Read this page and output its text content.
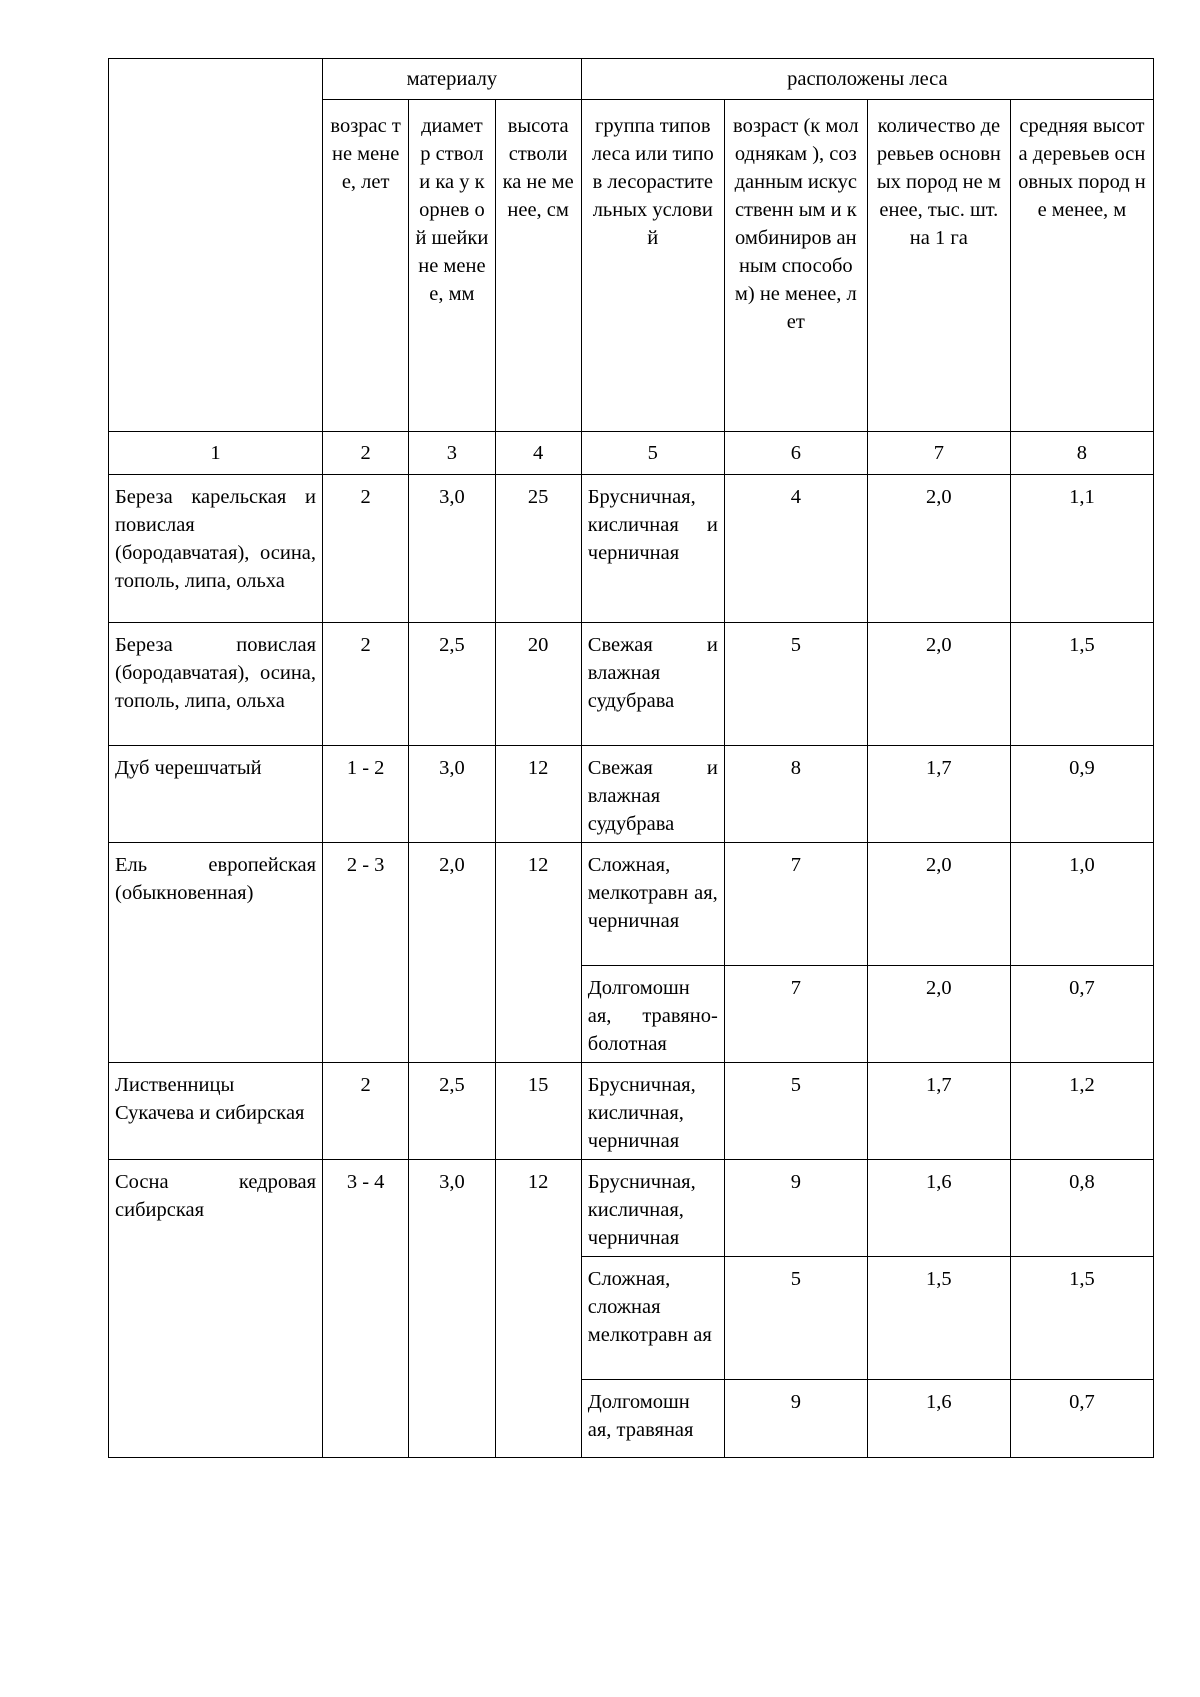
	материалу			расположены леса			
	возрас т не менее, лет	диамет р стволи ка у корнев ой шейки не менее, мм	высота стволи ка не менее, см	группа типов леса или типов лесорастите льных условий	возраст (к молоднякам ), созданным искусственн ым и комбиниров анным способом) не менее, лет	количество деревьев основных пород не менее, тыс. шт. на 1 га	средняя высота деревьев основных пород не менее, м
1	2	3	4	5	6	7	8
Береза карельская и повислая (бородавчатая), осина, тополь, липа, ольха	2	3,0	25	Брусничная, кисличная и черничная	4	2,0	1,1
Береза повислая (бородавчатая), осина, тополь, липа, ольха	2	2,5	20	Свежая и влажная судубрава	5	2,0	1,5
Дуб черешчатый	1 - 2	3,0	12	Свежая и влажная судубрава	8	1,7	0,9
Ель европейская (обыкновенная)	2 - 3	2,0	12	Сложная, мелкотравн ая, черничная	7	2,0	1,0
				Долгомошн ая, травяно-болотная	7	2,0	0,7
Лиственницы Сукачева и сибирская	2	2,5	15	Брусничная, кисличная, черничная	5	1,7	1,2
Сосна кедровая сибирская	3 - 4	3,0	12	Брусничная, кисличная, черничная	9	1,6	0,8
				Сложная, сложная мелкотравн ая	5	1,5	1,5
				Долгомошн ая, травяная	9	1,6	0,7
